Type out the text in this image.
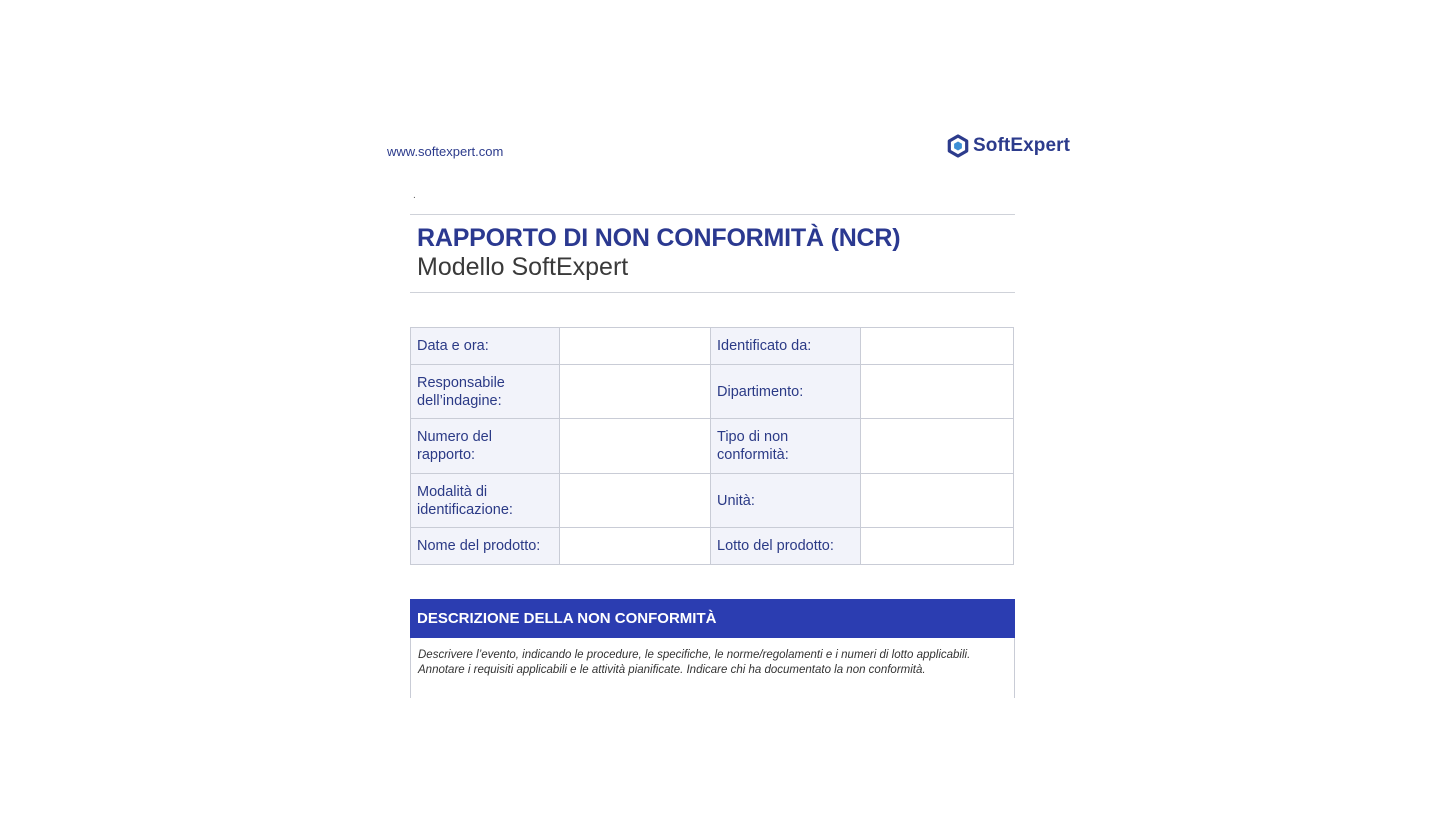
www.softexpert.com	SoftExpert
.
RAPPORTO DI NON CONFORMITÀ (NCR)
Modello SoftExpert
Data e ora:		Identificato da:	
Responsabile dell’indagine:		Dipartimento:	
Numero del rapporto:		Tipo di non conformità:	
Modalità di identificazione:		Unità:	
Nome del prodotto:		Lotto del prodotto:	
DESCRIZIONE DELLA NON CONFORMITÀ
Descrivere l’evento, indicando le procedure, le specifiche, le norme/regolamenti e i numeri di lotto applicabili. Annotare i requisiti applicabili e le attività pianificate. Indicare chi ha documentato la non conformità.
